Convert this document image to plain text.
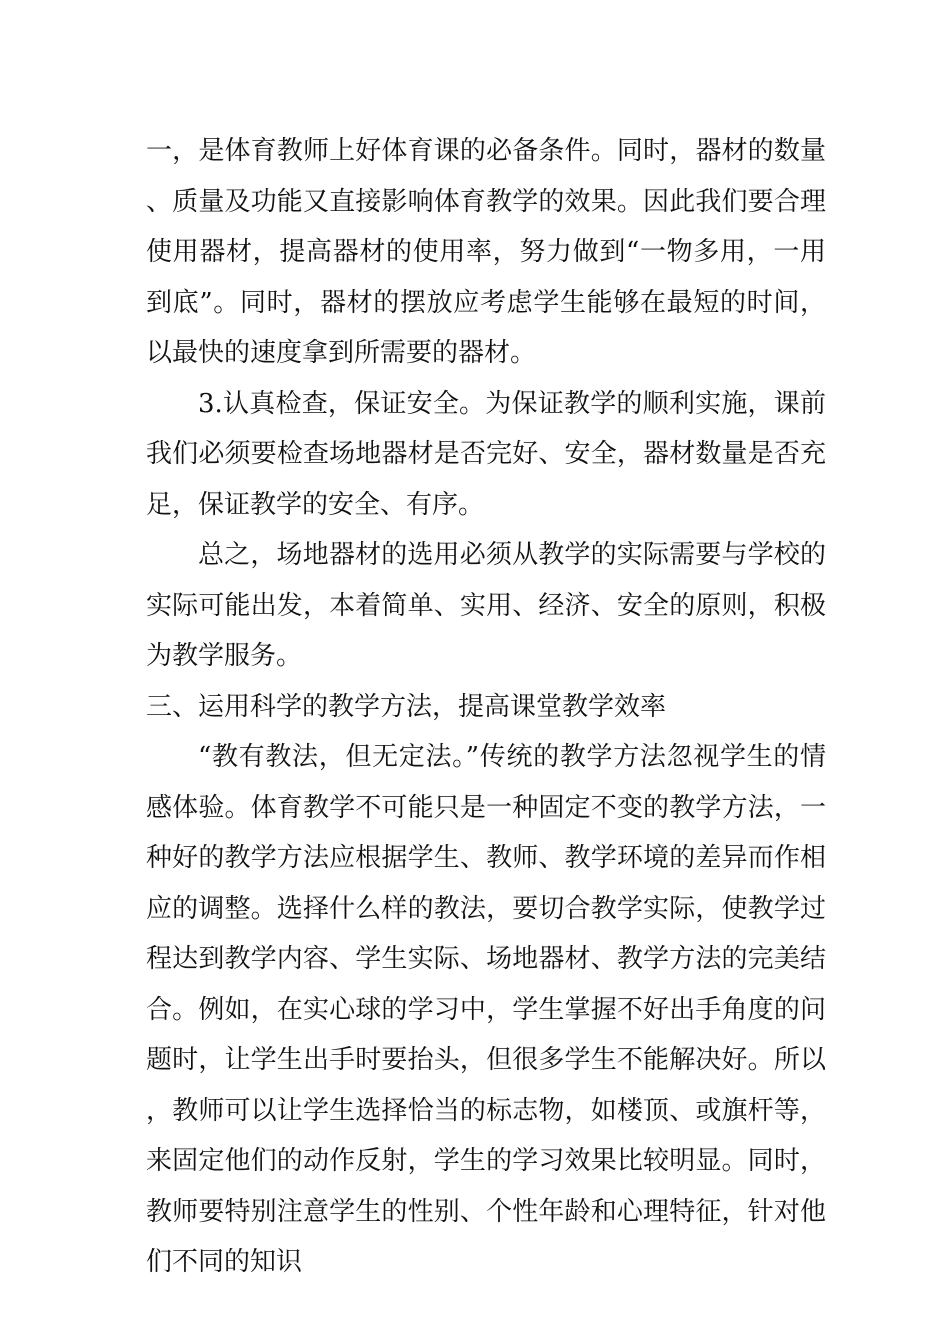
一，是体育教师上好体育课的必备条件。同时，器材的数量、质量及功能又直接影响体育教学的效果。因此我们要合理使用器材，提高器材的使用率，努力做到“一物多用，一用到底”。同时，器材的摆放应考虑学生能够在最短的时间，以最快的速度拿到所需要的器材。

3.认真检查，保证安全。为保证教学的顺利实施，课前我们必须要检查场地器材是否完好、安全，器材数量是否充足，保证教学的安全、有序。

总之，场地器材的选用必须从教学的实际需要与学校的实际可能出发，本着简单、实用、经济、安全的原则，积极为教学服务。

三、运用科学的教学方法，提高课堂教学效率

“教有教法，但无定法。”传统的教学方法忽视学生的情感体验。体育教学不可能只是一种固定不变的教学方法，一种好的教学方法应根据学生、教师、教学环境的差异而作相应的调整。选择什么样的教法，要切合教学实际，使教学过程达到教学内容、学生实际、场地器材、教学方法的完美结合。例如，在实心球的学习中，学生掌握不好出手角度的问题时，让学生出手时要抬头，但很多学生不能解决好。所以，教师可以让学生选择恰当的标志物，如楼顶、或旗杆等，来固定他们的动作反射，学生的学习效果比较明显。同时，教师要特别注意学生的性别、个性年龄和心理特征，针对他们不同的知识
